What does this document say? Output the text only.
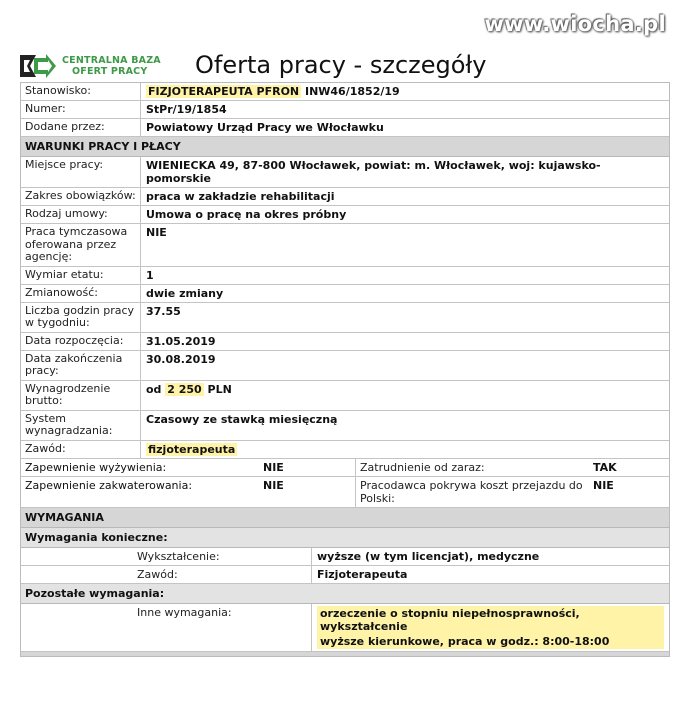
www.wiocha.pl
CENTRALNA BAZA
OFERT PRACY	Oferta pracy - szczegóły
Stanowisko:	FIZJOTERAPEUTA PFRON INW46/1852/19
Numer:	StPr/19/1854
Dodane przez:	Powiatowy Urząd Pracy we Włocławku
WARUNKI PRACY I PŁACY
Miejsce pracy:	WIENIECKA 49, 87-800 Włocławek, powiat: m. Włocławek, woj: kujawsko-pomorskie
Zakres obowiązków: praca w zakładzie rehabilitacji
Rodzaj umowy:	Umowa o pracę na okres próbny
Praca tymczasowa oferowana przez agencję:
NIE
Wymiar etatu:	1
Zmianowość:	dwie zmiany
Liczba godzin pracy w tygodniu:
37.55
Data rozpoczęcia:	31.05.2019
Data zakończenia pracy:
30.08.2019
Wynagrodzenie brutto:
od 2 250 PLN
System wynagradzania:
Czasowy ze stawką miesięczną
Zawód:	fizjoterapeuta
Zapewnienie wyżywienia:	NIE	Zatrudnienie od zaraz:	TAK
Zapewnienie zakwaterowania:	NIE	Pracodawca pokrywa koszt przejazdu do Polski:
NIE
WYMAGANIA
Wymagania konieczne:
Wykształcenie:	wyższe (w tym licencjat), medyczne
Zawód:	Fizjoterapeuta
Pozostałe wymagania:
Inne wymagania:	orzeczenie o stopniu niepełnosprawności, wykształcenie
wyższe kierunkowe, praca w godz.: 8:00-18:00
